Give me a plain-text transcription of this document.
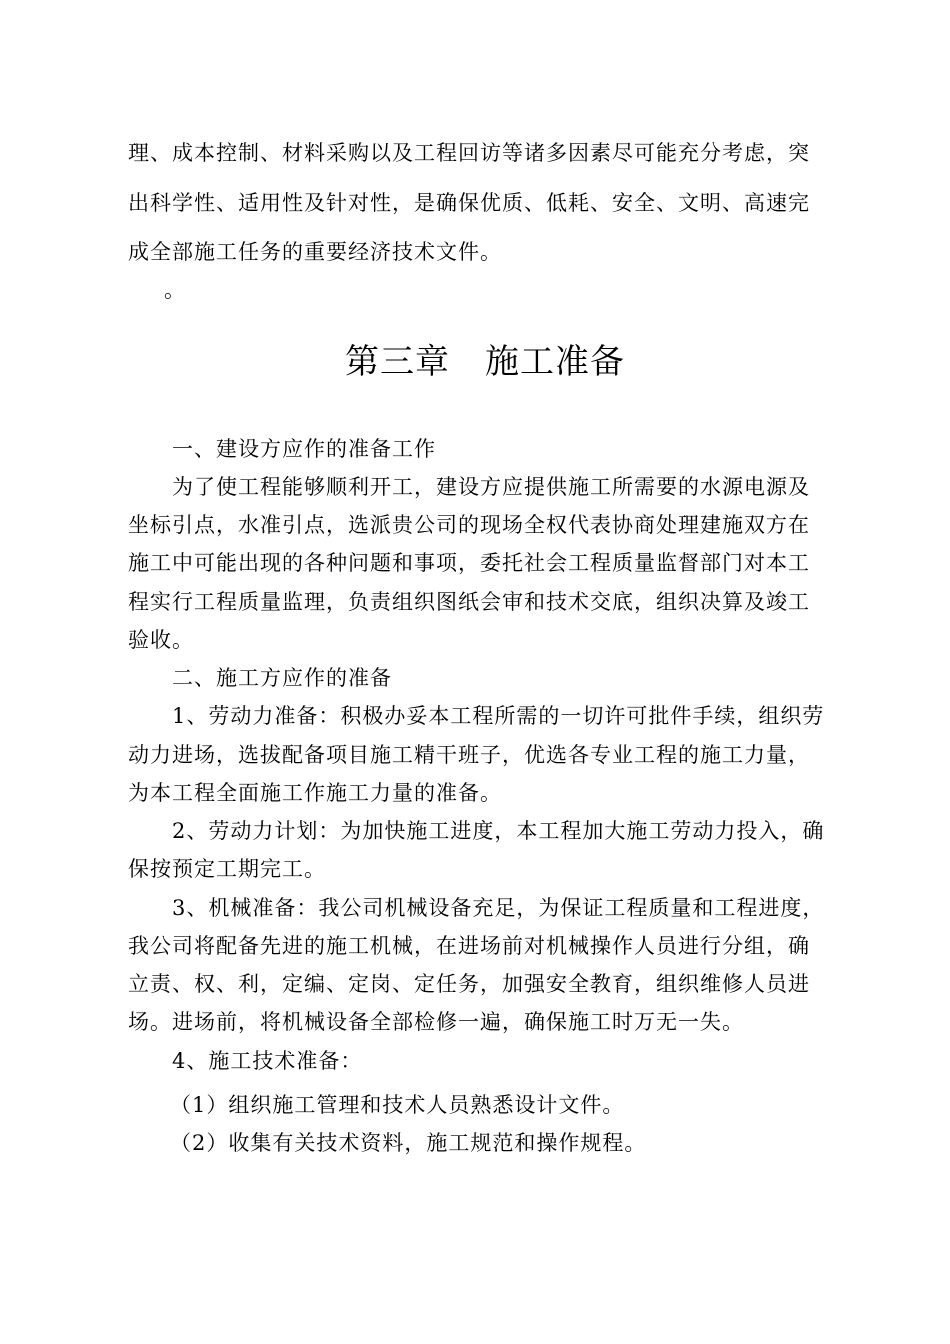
理、成本控制、材料采购以及工程回访等诸多因素尽可能充分考虑，突
出科学性、适用性及针对性，是确保优质、低耗、安全、文明、高速完
成全部施工任务的重要经济技术文件。
。
第三章　施工准备
一、建设方应作的准备工作
为了使工程能够顺利开工，建设方应提供施工所需要的水源电源及
坐标引点，水准引点，选派贵公司的现场全权代表协商处理建施双方在
施工中可能出现的各种问题和事项，委托社会工程质量监督部门对本工
程实行工程质量监理，负责组织图纸会审和技术交底，组织决算及竣工
验收。
二、施工方应作的准备
1、劳动力准备：积极办妥本工程所需的一切许可批件手续，组织劳
动力进场，选拔配备项目施工精干班子，优选各专业工程的施工力量，
为本工程全面施工作施工力量的准备。
2、劳动力计划：为加快施工进度，本工程加大施工劳动力投入，确
保按预定工期完工。
3、机械准备：我公司机械设备充足，为保证工程质量和工程进度，
我公司将配备先进的施工机械，在进场前对机械操作人员进行分组，确
立责、权、利，定编、定岗、定任务，加强安全教育，组织维修人员进
场。进场前，将机械设备全部检修一遍，确保施工时万无一失。
4、施工技术准备：
（1）组织施工管理和技术人员熟悉设计文件。
（2）收集有关技术资料，施工规范和操作规程。
